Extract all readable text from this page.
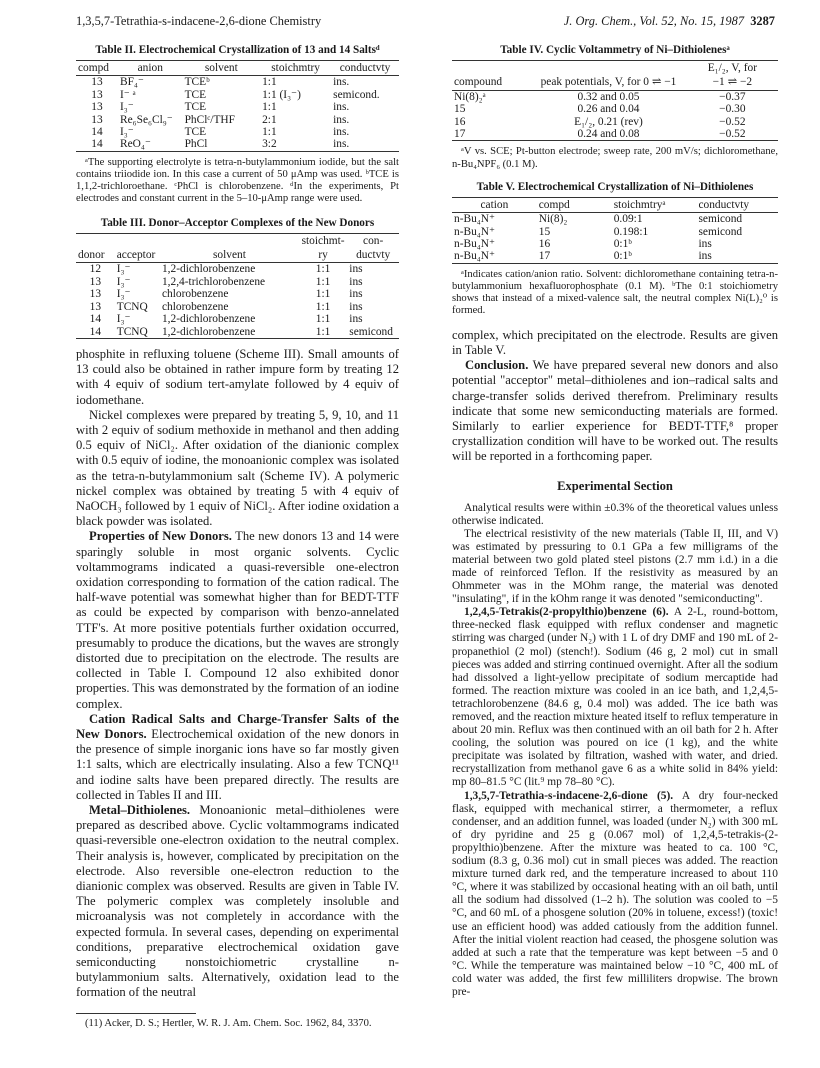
1,3,5,7-Tetrathia-s-indacene-2,6-dione Chemistry	J. Org. Chem., Vol. 52, No. 15, 1987 3287
Table II. Electrochemical Crystallization of 13 and 14 Saltsᵈ
compd	anion	solvent	stoichmtry	conductvty
13	BF₄⁻	TCEᵇ	1:1	ins.
13	I⁻ ᵃ	TCE	1:1 (I₃⁻)	semicond.
13	I₃⁻	TCE	1:1	ins.
13	Re₆Se₆Cl₉⁻	PhClᶜ/THF	2:1	ins.
14	I₃⁻	TCE	1:1	ins.
14	ReO₄⁻	PhCl	3:2	ins.

ᵃThe supporting electrolyte is tetra-n-butylammonium iodide, but the salt contains triiodide ion. In this case a current of 50 μAmp was used. ᵇTCE is 1,1,2-trichloroethane. ᶜPhCl is chlorobenzene. ᵈIn the experiments, Pt electrodes and constant current in the 5–10-μAmp range were used.

Table III. Donor–Acceptor Complexes of the New Donors
			stoichmt-	con-
donor	acceptor	solvent	ry	ductvty
12	I₃⁻	1,2-dichlorobenzene	1:1	ins
13	I₃⁻	1,2,4-trichlorobenzene	1:1	ins
13	I₃⁻	chlorobenzene	1:1	ins
13	TCNQ	chlorobenzene	1:1	ins
14	I₃⁻	1,2-dichlorobenzene	1:1	ins
14	TCNQ	1,2-dichlorobenzene	1:1	semicond

phosphite in refluxing toluene (Scheme III). Small amounts of 13 could also be obtained in rather impure form by treating 12 with 4 equiv of sodium tert-amylate followed by 4 equiv of iodomethane.

Nickel complexes were prepared by treating 5, 9, 10, and 11 with 2 equiv of sodium methoxide in methanol and then adding 0.5 equiv of NiCl₂. After oxidation of the dianionic complex with 0.5 equiv of iodine, the monoanionic complex was isolated as the tetra-n-butylammonium salt (Scheme IV). A polymeric nickel complex was obtained by treating 5 with 4 equiv of NaOCH₃ followed by 1 equiv of NiCl₂. After iodine oxidation a black powder was isolated.

Properties of New Donors. The new donors 13 and 14 were sparingly soluble in most organic solvents. Cyclic voltammograms indicated a quasi-reversible one-electron oxidation corresponding to formation of the cation radical. The half-wave potential was somewhat higher than for BEDT-TTF as could be expected by comparison with benzo-annelated TTF's. At more positive potentials further oxidation occurred, presumably to produce the dications, but the waves are strongly distorted due to precipitation on the electrode. The results are collected in Table I. Compound 12 also exhibited donor properties. This was demonstrated by the formation of an iodine complex.

Cation Radical Salts and Charge-Transfer Salts of the New Donors. Electrochemical oxidation of the new donors in the presence of simple inorganic ions have so far mostly given 1:1 salts, which are electrically insulating. Also a few TCNQ¹¹ and iodine salts have been prepared directly. The results are collected in Tables II and III.

Metal–Dithiolenes. Monoanionic metal–dithiolenes were prepared as described above. Cyclic voltammograms indicated quasi-reversible one-electron oxidation to the neutral complex. Their analysis is, however, complicated by precipitation on the electrode. Also reversible one-electron reduction to the dianionic complex was observed. Results are given in Table IV. The polymeric complex was completely insoluble and microanalysis was not completely in accordance with the expected formula. In several cases, depending on experimental conditions, preparative electrochemical oxidation gave semiconducting nonstoichiometric crystalline n-butylammonium salts. Alternatively, oxidation lead to the formation of the neutral

(11) Acker, D. S.; Hertler, W. R. J. Am. Chem. Soc. 1962, 84, 3370.

Table IV. Cyclic Voltammetry of Ni–Dithiolenesᵃ
		E₁/₂, V, for
compound	peak potentials, V, for 0 ⇌ −1	−1 ⇌ −2
Ni(8)₂ᵃ	0.32 and 0.05	−0.37
15	0.26 and 0.04	−0.30
16	E₁/₂, 0.21 (rev)	−0.52
17	0.24 and 0.08	−0.52

ᵃV vs. SCE; Pt-button electrode; sweep rate, 200 mV/s; dichloromethane, n-Bu₄NPF₆ (0.1 M).

Table V. Electrochemical Crystallization of Ni–Dithiolenes
cation	compd	stoichmtryᵃ	conductvty
n-Bu₄N⁺	Ni(8)₂	0.09:1	semicond
n-Bu₄N⁺	15	0.198:1	semicond
n-Bu₄N⁺	16	0:1ᵇ	ins
n-Bu₄N⁺	17	0:1ᵇ	ins

ᵃIndicates cation/anion ratio. Solvent: dichloromethane containing tetra-n-butylammonium hexafluorophosphate (0.1 M). ᵇThe 0:1 stoichiometry shows that instead of a mixed-valence salt, the neutral complex Ni(L)₂⁰ is formed.

complex, which precipitated on the electrode. Results are given in Table V.

Conclusion. We have prepared several new donors and also potential "acceptor" metal–dithiolenes and ion–radical salts and charge-transfer solids derived therefrom. Preliminary results indicate that some new semiconducting materials are formed. Similarly to earlier experience for BEDT-TTF,⁸ proper crystallization condition will have to be worked out. The results will be reported in a forthcoming paper.

Experimental Section

Analytical results were within ±0.3% of the theoretical values unless otherwise indicated.

The electrical resistivity of the new materials (Table II, III, and V) was estimated by pressuring to 0.1 GPa a few milligrams of the material between two gold plated steel pistons (2.7 mm i.d.) in a die made of reinforced Teflon. If the resistivity as measured by an Ohmmeter was in the MOhm range, the material was denoted "insulating", if in the kOhm range it was denoted "semiconducting".

1,2,4,5-Tetrakis(2-propylthio)benzene (6). A 2-L, round-bottom, three-necked flask equipped with reflux condenser and magnetic stirring was charged (under N₂) with 1 L of dry DMF and 190 mL of 2-propanethiol (2 mol) (stench!). Sodium (46 g, 2 mol) cut in small pieces was added and stirring continued overnight. After all the sodium had dissolved a light-yellow precipitate of sodium mercaptide had formed. The reaction mixture was cooled in an ice bath, and 1,2,4,5-tetrachlorobenzene (84.6 g, 0.4 mol) was added. The ice bath was removed, and the reaction mixture heated itself to reflux temperature in about 20 min. Reflux was then continued with an oil bath for 2 h. After cooling, the solution was poured on ice (1 kg), and the white precipitate was isolated by filtration, washed with water, and dried. recrystallization from methanol gave 6 as a white solid in 84% yield: mp 80–81.5 °C (lit.⁹ mp 78–80 °C).

1,3,5,7-Tetrathia-s-indacene-2,6-dione (5). A dry four-necked flask, equipped with mechanical stirrer, a thermometer, a reflux condenser, and an addition funnel, was loaded (under N₂) with 300 mL of dry pyridine and 25 g (0.067 mol) of 1,2,4,5-tetrakis-(2-propylthio)benzene. After the mixture was heated to ca. 100 °C, sodium (8.3 g, 0.36 mol) cut in small pieces was added. The reaction mixture turned dark red, and the temperature increased to about 110 °C, where it was stabilized by occasional heating with an oil bath, until all the sodium had dissolved (1–2 h). The solution was cooled to −5 °C, and 60 mL of a phosgene solution (20% in toluene, excess!) (toxic! use an efficient hood) was added catiously from the addition funnel. After the initial violent reaction had ceased, the phosgene solution was added at such a rate that the temperature was kept between −5 and 0 °C. While the temperature was maintained below −10 °C, 400 mL of cold water was added, the first few milliliters dropwise. The brown pre-
